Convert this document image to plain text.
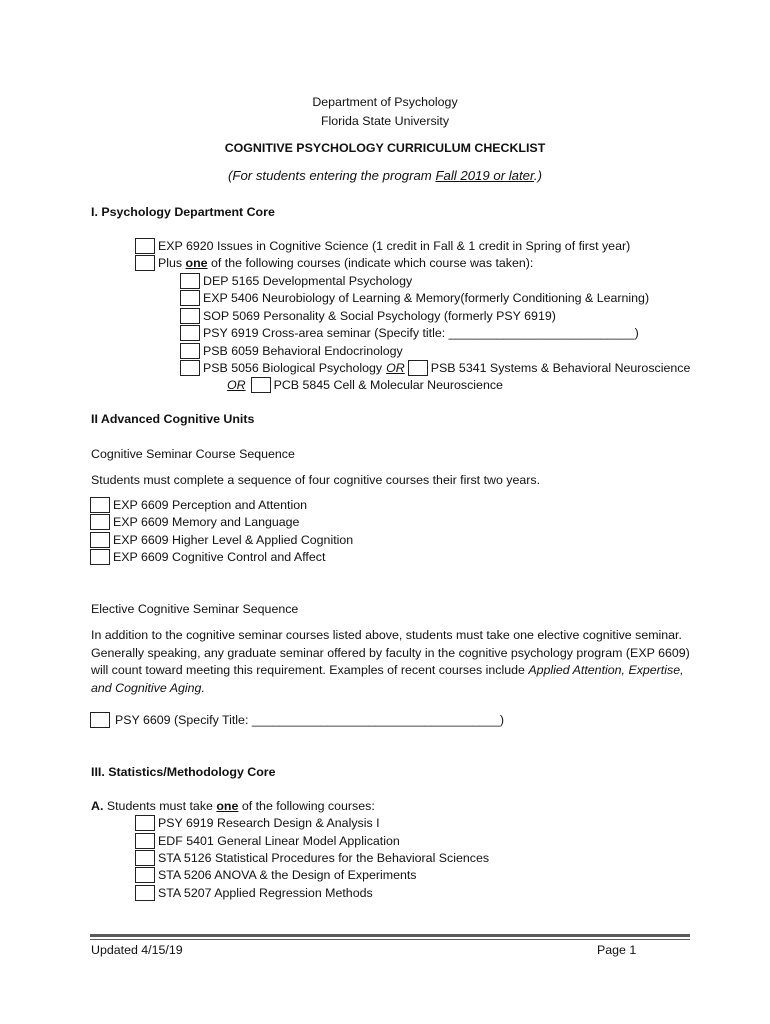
Department of Psychology
Florida State University
COGNITIVE PSYCHOLOGY CURRICULUM CHECKLIST
(For students entering the program Fall 2019 or later.)
I. Psychology Department Core
EXP 6920 Issues in Cognitive Science (1 credit in Fall & 1 credit in Spring of first year)
Plus one of the following courses (indicate which course was taken):
DEP 5165 Developmental Psychology
EXP 5406 Neurobiology of Learning & Memory(formerly Conditioning & Learning)
SOP 5069 Personality & Social Psychology (formerly PSY 6919)
PSY 6919 Cross-area seminar (Specify title: ___________________________)
PSB 6059 Behavioral Endocrinology
PSB 5056 Biological Psychology OR PSB 5341 Systems & Behavioral Neuroscience
OR PCB 5845 Cell & Molecular Neuroscience
II Advanced Cognitive Units
Cognitive Seminar Course Sequence
Students must complete a sequence of four cognitive courses their first two years.
EXP 6609 Perception and Attention
EXP 6609 Memory and Language
EXP 6609 Higher Level & Applied Cognition
EXP 6609 Cognitive Control and Affect
Elective Cognitive Seminar Sequence
In addition to the cognitive seminar courses listed above, students must take one elective cognitive seminar. Generally speaking, any graduate seminar offered by faculty in the cognitive psychology program (EXP 6609) will count toward meeting this requirement. Examples of recent courses include Applied Attention, Expertise, and Cognitive Aging.
PSY 6609 (Specify Title: ____________________________________)
III. Statistics/Methodology Core
A. Students must take one of the following courses:
PSY 6919 Research Design & Analysis I
EDF 5401 General Linear Model Application
STA 5126 Statistical Procedures for the Behavioral Sciences
STA 5206 ANOVA & the Design of Experiments
STA 5207 Applied Regression Methods
Updated 4/15/19	Page 1
